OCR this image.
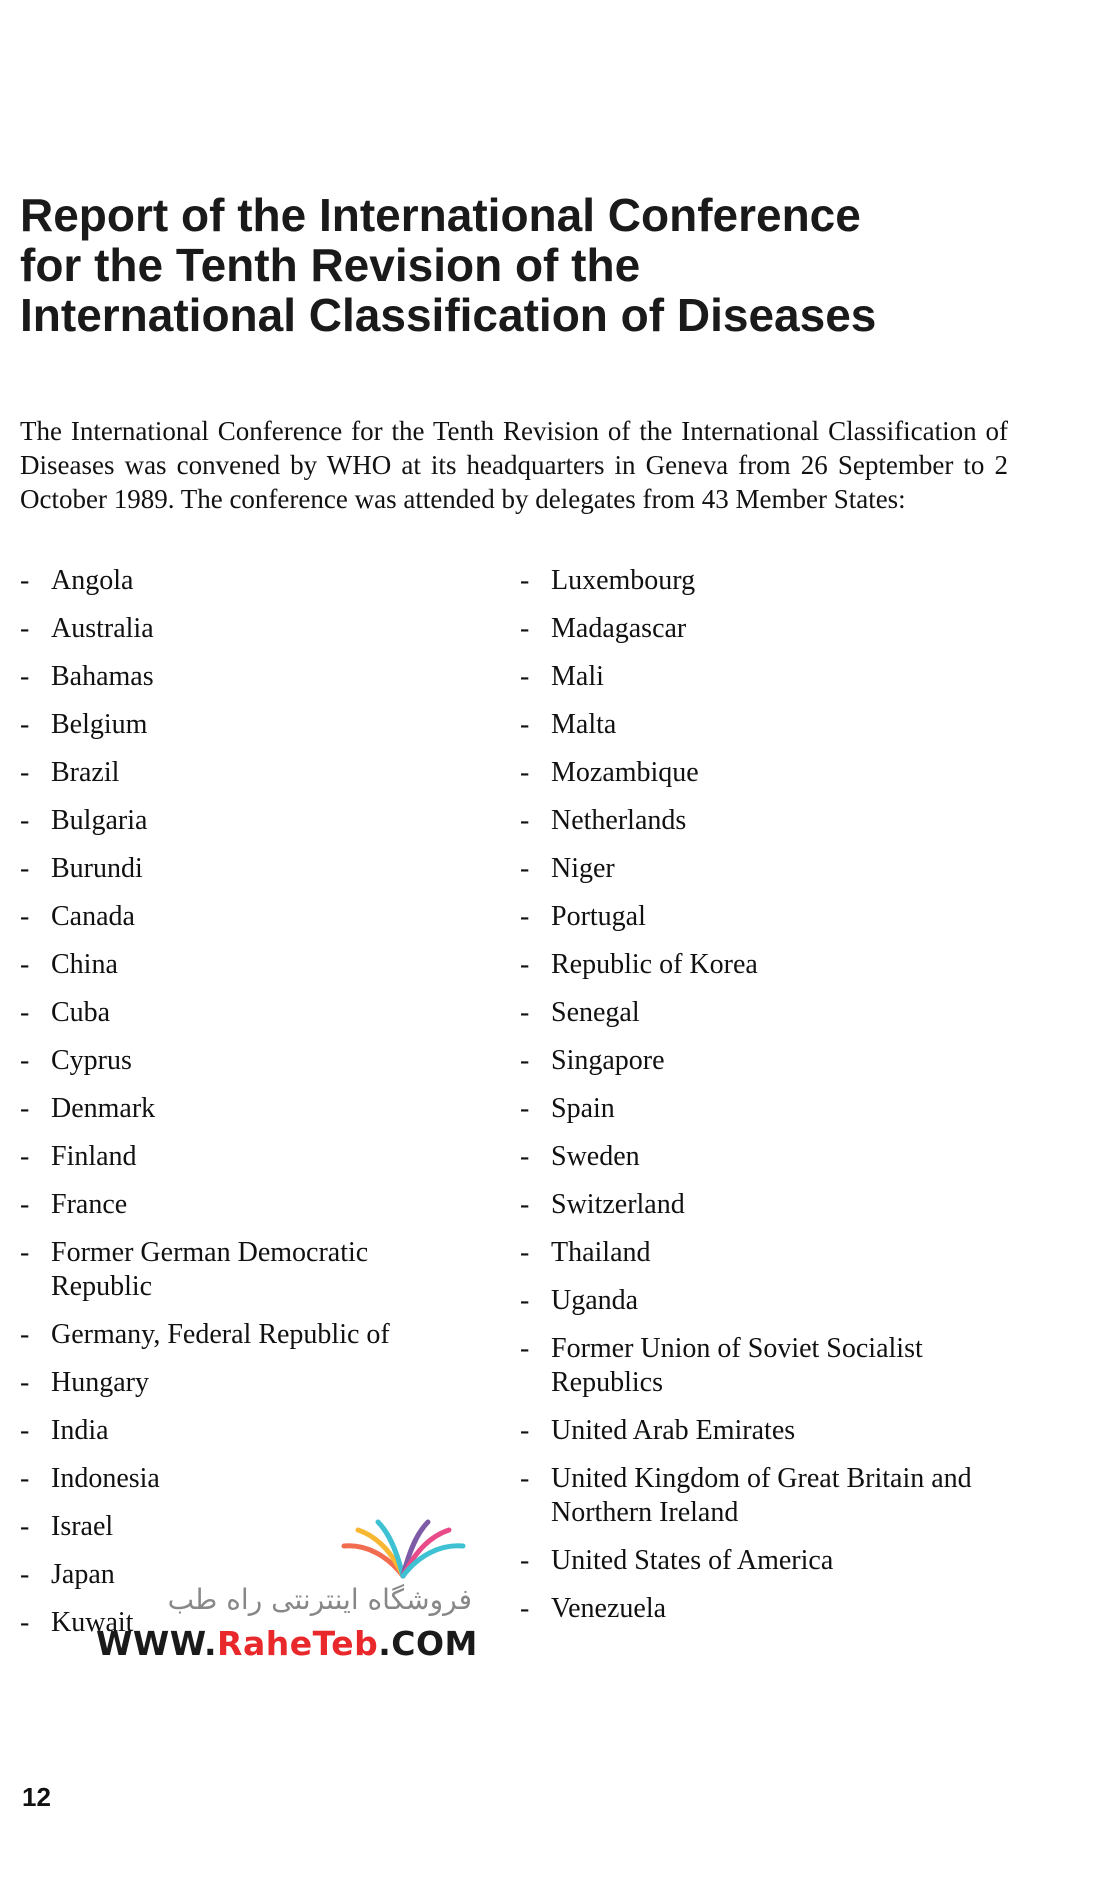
Report of the International Conference
for the Tenth Revision of the
International Classification of Diseases

The International Conference for the Tenth Revision of the International Classification of Diseases was convened by WHO at its headquarters in Geneva from 26 September to 2 October 1989. The conference was attended by delegates from 43 Member States:

- Angola
- Australia
- Bahamas
- Belgium
- Brazil
- Bulgaria
- Burundi
- Canada
- China
- Cuba
- Cyprus
- Denmark
- Finland
- France
- Former German Democratic Republic
- Germany, Federal Republic of
- Hungary
- India
- Indonesia
- Israel
- Japan
- Kuwait
- Luxembourg
- Madagascar
- Mali
- Malta
- Mozambique
- Netherlands
- Niger
- Portugal
- Republic of Korea
- Senegal
- Singapore
- Spain
- Sweden
- Switzerland
- Thailand
- Uganda
- Former Union of Soviet Socialist Republics
- United Arab Emirates
- United Kingdom of Great Britain and Northern Ireland
- United States of America
- Venezuela
فروشگاه اینترنتی راه طب
WWW.RaheTeb.COM
12
